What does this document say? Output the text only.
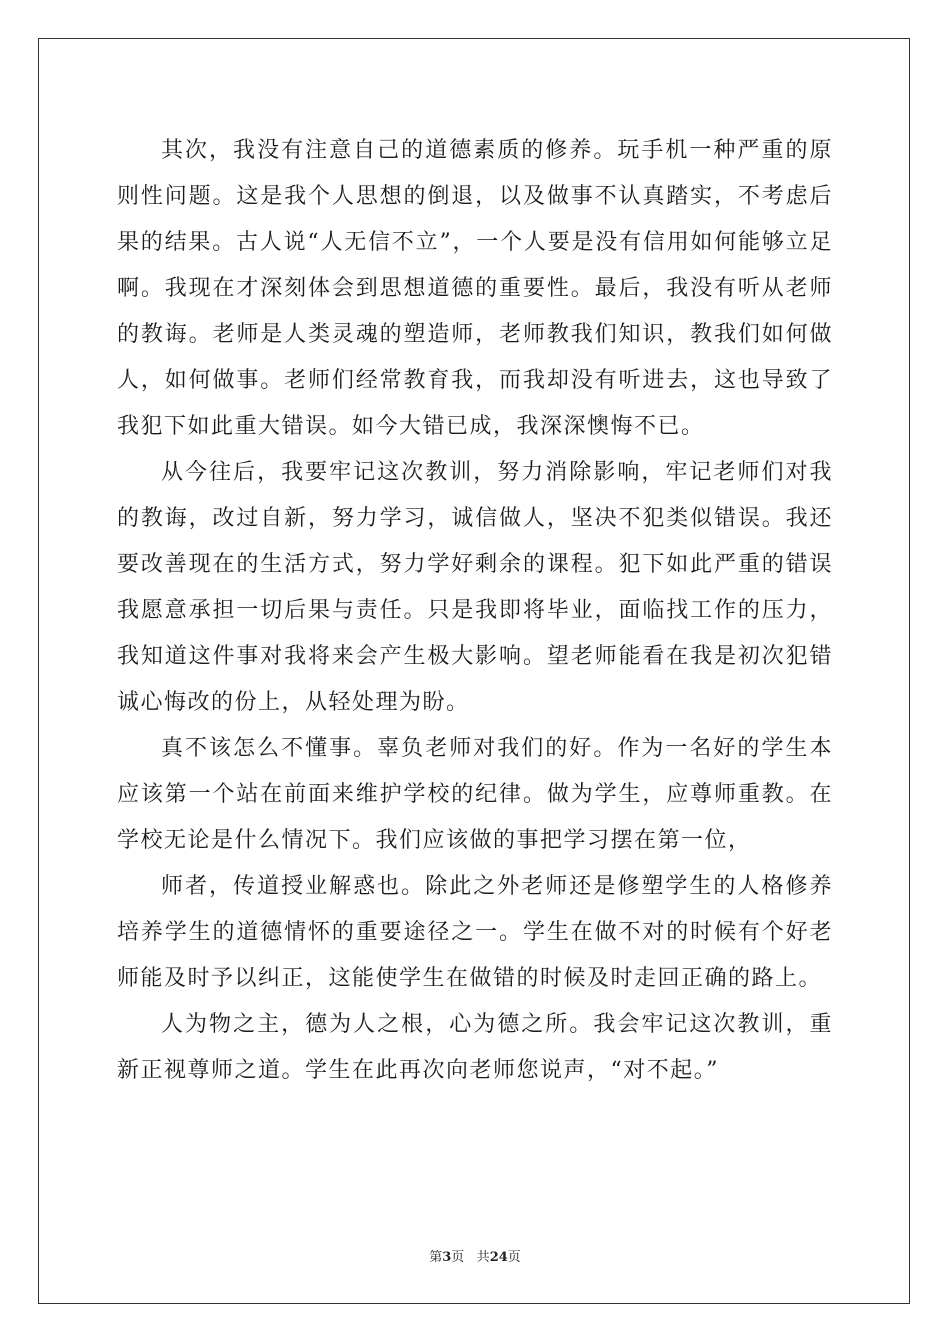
其次，我没有注意自己的道德素质的修养。玩手机一种严重的原则性问题。这是我个人思想的倒退，以及做事不认真踏实，不考虑后果的结果。古人说“人无信不立”，一个人要是没有信用如何能够立足啊。我现在才深刻体会到思想道德的重要性。最后，我没有听从老师的教诲。老师是人类灵魂的塑造师，老师教我们知识，教我们如何做人，如何做事。老师们经常教育我，而我却没有听进去，这也导致了我犯下如此重大错误。如今大错已成，我深深懊悔不已。

从今往后，我要牢记这次教训，努力消除影响，牢记老师们对我的教诲，改过自新，努力学习，诚信做人，坚决不犯类似错误。我还要改善现在的生活方式，努力学好剩余的课程。犯下如此严重的错误我愿意承担一切后果与责任。只是我即将毕业，面临找工作的压力，我知道这件事对我将来会产生极大影响。望老师能看在我是初次犯错诚心悔改的份上，从轻处理为盼。

真不该怎么不懂事。辜负老师对我们的好。作为一名好的学生本应该第一个站在前面来维护学校的纪律。做为学生，应尊师重教。在学校无论是什么情况下。我们应该做的事把学习摆在第一位，

师者，传道授业解惑也。除此之外老师还是修塑学生的人格修养培养学生的道德情怀的重要途径之一。学生在做不对的时候有个好老师能及时予以纠正，这能使学生在做错的时候及时走回正确的路上。

人为物之主，德为人之根，心为德之所。我会牢记这次教训，重新正视尊师之道。学生在此再次向老师您说声，“对不起。”

第3页 共24页
